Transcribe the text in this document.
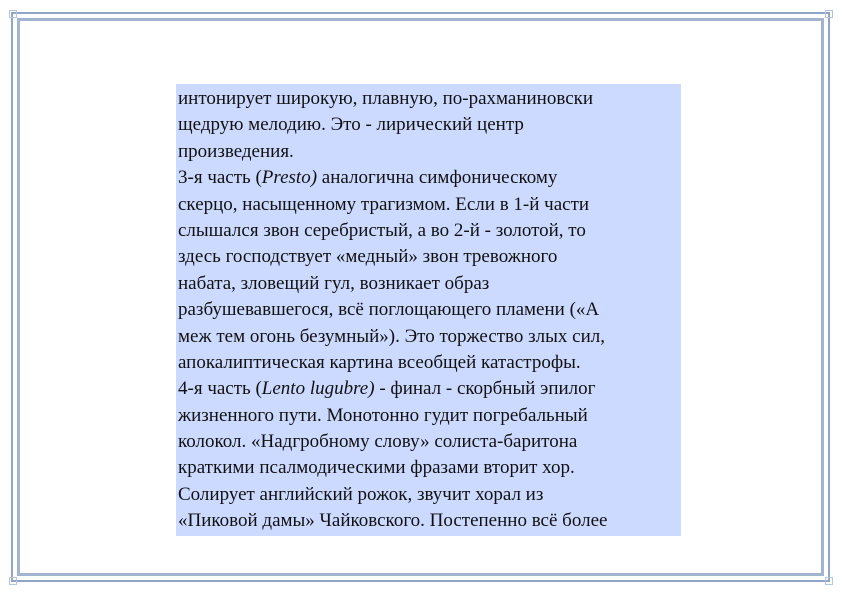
интонирует широкую, плавную, по-рахманиновски
щедрую мелодию. Это - лирический центр
произведения.
3-я часть (Presto) аналогична симфоническому
скерцо, насыщенному трагизмом. Если в 1-й части
слышался звон серебристый, а во 2-й - золотой, то
здесь господствует «медный» звон тревожного
набата, зловещий гул, возникает образ
разбушевавшегося, всё поглощающего пламени («А
меж тем огонь безумный»). Это торжество злых сил,
апокалиптическая картина всеобщей катастрофы.
4-я часть (Lento lugubre) - финал - скорбный эпилог
жизненного пути. Монотонно гудит погребальный
колокол. «Надгробному слову» солиста-баритона
краткими псалмодическими фразами вторит хор.
Солирует английский рожок, звучит хорал из
«Пиковой дамы» Чайковского. Постепенно всё более
